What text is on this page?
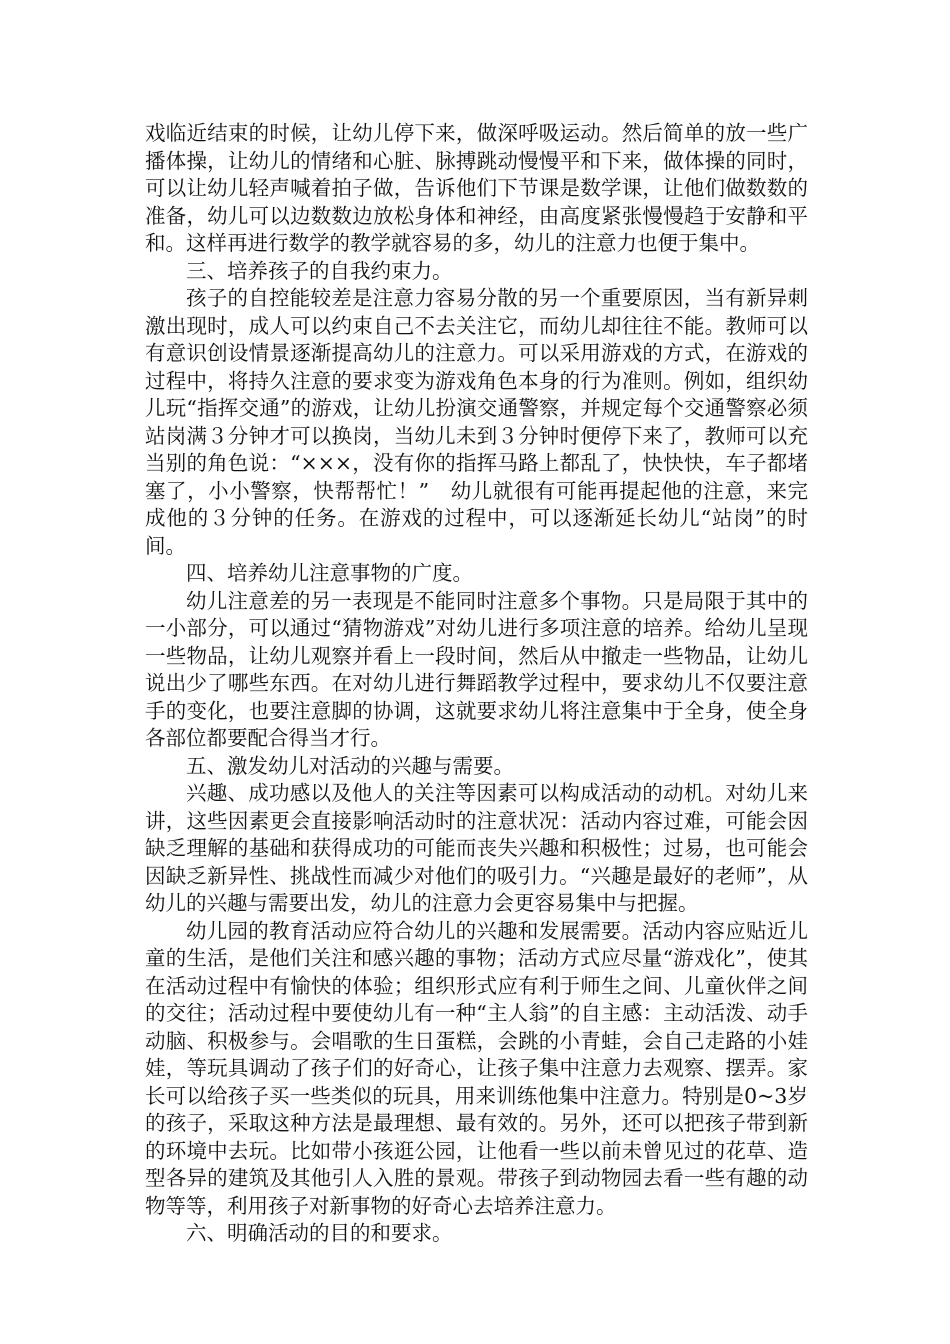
戏临近结束的时候，让幼儿停下来，做深呼吸运动。然后简单的放一些广播体操，让幼儿的情绪和心脏、脉搏跳动慢慢平和下来，做体操的同时，可以让幼儿轻声喊着拍子做，告诉他们下节课是数学课，让他们做数数的准备，幼儿可以边数数边放松身体和神经，由高度紧张慢慢趋于安静和平和。这样再进行数学的教学就容易的多，幼儿的注意力也便于集中。

三、培养孩子的自我约束力。

孩子的自控能较差是注意力容易分散的另一个重要原因，当有新异刺激出现时，成人可以约束自己不去关注它，而幼儿却往往不能。教师可以有意识创设情景逐渐提高幼儿的注意力。可以采用游戏的方式，在游戏的过程中，将持久注意的要求变为游戏角色本身的行为准则。例如，组织幼儿玩“指挥交通”的游戏，让幼儿扮演交通警察，并规定每个交通警察必须站岗满３分钟才可以换岗，当幼儿未到３分钟时便停下来了，教师可以充当别的角色说：“×××，没有你的指挥马路上都乱了，快快快，车子都堵塞了，小小警察，快帮帮忙！”　幼儿就很有可能再提起他的注意，来完成他的３分钟的任务。在游戏的过程中，可以逐渐延长幼儿“站岗”的时间。

四、培养幼儿注意事物的广度。

幼儿注意差的另一表现是不能同时注意多个事物。只是局限于其中的一小部分，可以通过“猜物游戏”对幼儿进行多项注意的培养。给幼儿呈现一些物品，让幼儿观察并看上一段时间，然后从中撤走一些物品，让幼儿说出少了哪些东西。在对幼儿进行舞蹈教学过程中，要求幼儿不仅要注意手的变化，也要注意脚的协调，这就要求幼儿将注意集中于全身，使全身各部位都要配合得当才行。

五、激发幼儿对活动的兴趣与需要。

兴趣、成功感以及他人的关注等因素可以构成活动的动机。对幼儿来讲，这些因素更会直接影响活动时的注意状况：活动内容过难，可能会因缺乏理解的基础和获得成功的可能而丧失兴趣和积极性；过易，也可能会因缺乏新异性、挑战性而减少对他们的吸引力。“兴趣是最好的老师”，从幼儿的兴趣与需要出发，幼儿的注意力会更容易集中与把握。

幼儿园的教育活动应符合幼儿的兴趣和发展需要。活动内容应贴近儿童的生活，是他们关注和感兴趣的事物；活动方式应尽量“游戏化”，使其在活动过程中有愉快的体验；组织形式应有利于师生之间、儿童伙伴之间的交往；活动过程中要使幼儿有一种“主人翁”的自主感：主动活泼、动手动脑、积极参与。会唱歌的生日蛋糕，会跳的小青蛙，会自己走路的小娃娃，等玩具调动了孩子们的好奇心，让孩子集中注意力去观察、摆弄。家长可以给孩子买一些类似的玩具，用来训练他集中注意力。特别是0~3岁的孩子，采取这种方法是最理想、最有效的。另外，还可以把孩子带到新的环境中去玩。比如带小孩逛公园，让他看一些以前未曾见过的花草、造型各异的建筑及其他引人入胜的景观。带孩子到动物园去看一些有趣的动物等等，利用孩子对新事物的好奇心去培养注意力。

六、明确活动的目的和要求。
